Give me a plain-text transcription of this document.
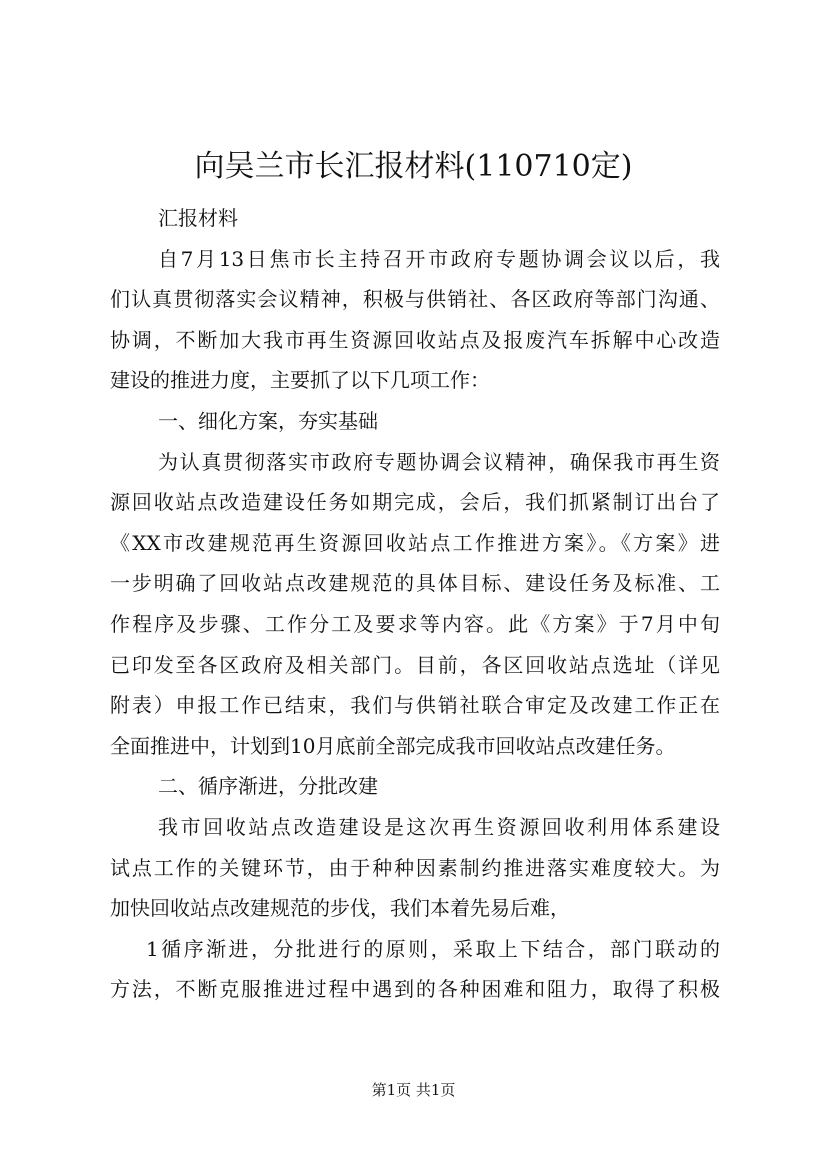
向吴兰市长汇报材料(110710定)
汇报材料
自7月13日焦市长主持召开市政府专题协调会议以后，我
们认真贯彻落实会议精神，积极与供销社、各区政府等部门沟通、
协调，不断加大我市再生资源回收站点及报废汽车拆解中心改造
建设的推进力度，主要抓了以下几项工作：
一、细化方案，夯实基础
为认真贯彻落实市政府专题协调会议精神，确保我市再生资
源回收站点改造建设任务如期完成，会后，我们抓紧制订出台了
《XX市改建规范再生资源回收站点工作推进方案》。《方案》进
一步明确了回收站点改建规范的具体目标、建设任务及标准、工
作程序及步骤、工作分工及要求等内容。此《方案》于7月中旬
已印发至各区政府及相关部门。目前，各区回收站点选址（详见
附表）申报工作已结束，我们与供销社联合审定及改建工作正在
全面推进中，计划到10月底前全部完成我市回收站点改建任务。
二、循序渐进，分批改建
我市回收站点改造建设是这次再生资源回收利用体系建设
试点工作的关键环节，由于种种因素制约推进落实难度较大。为
加快回收站点改建规范的步伐，我们本着先易后难，
1循序渐进，分批进行的原则，采取上下结合，部门联动的
方法，不断克服推进过程中遇到的各种困难和阻力，取得了积极
第1页 共1页
